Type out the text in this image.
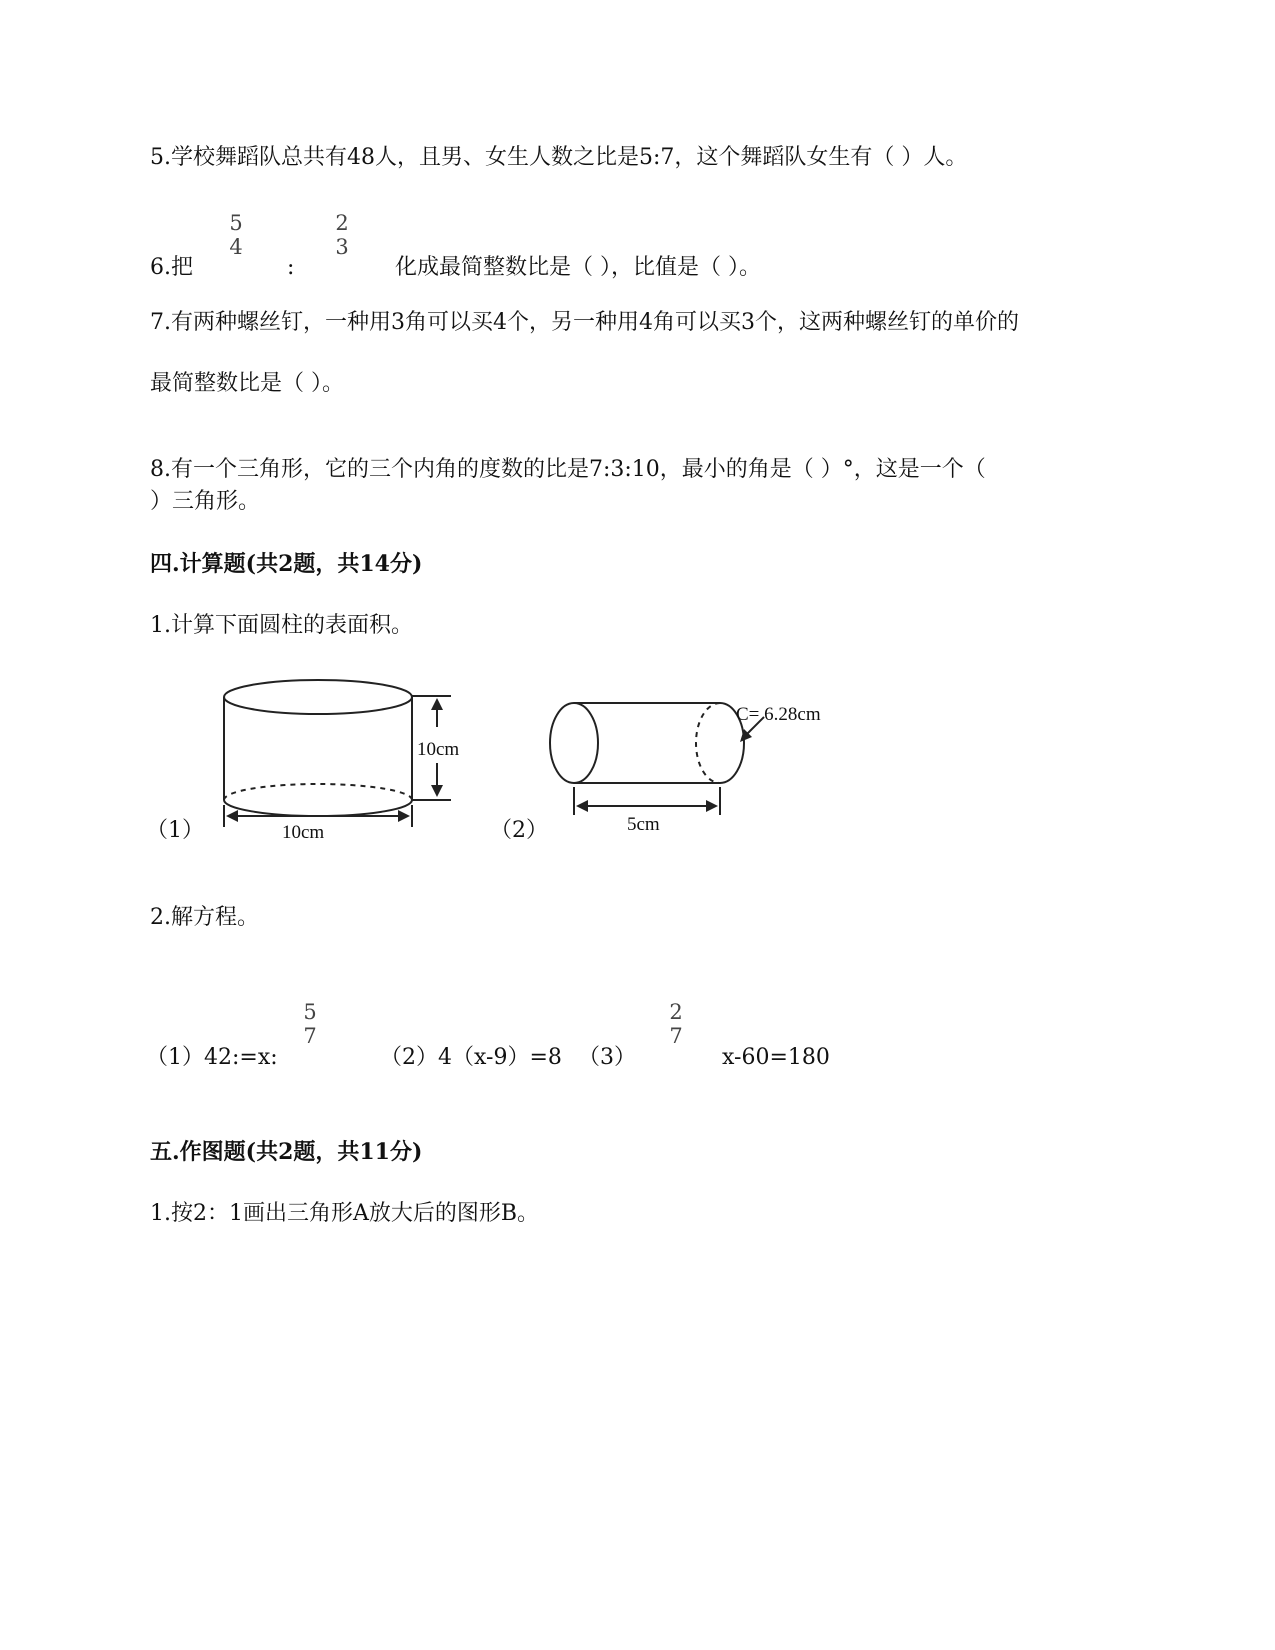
5.学校舞蹈队总共有48人，且男、女生人数之比是5:7，这个舞蹈队女生有（ ）人。
5
4
2
3
6.把	:	化成最简整数比是（ ），比值是（ ）。
7.有两种螺丝钉，一种用3角可以买4个，另一种用4角可以买3个，这两种螺丝钉的单价的
最简整数比是（ ）。
8.有一个三角形，它的三个内角的度数的比是7:3:10，最小的角是（ ）°，这是一个（
）三角形。
四.计算题(共2题，共14分)
1.计算下面圆柱的表面积。
10cm
10cm
C= 6.28cm
5cm
（1）	（2）
2.解方程。
5
7
2
7
（1）42:=x:	（2）4（x-9）=8 （3）	x-60=180
五.作图题(共2题，共11分)
1.按2：1画出三角形A放大后的图形B。
